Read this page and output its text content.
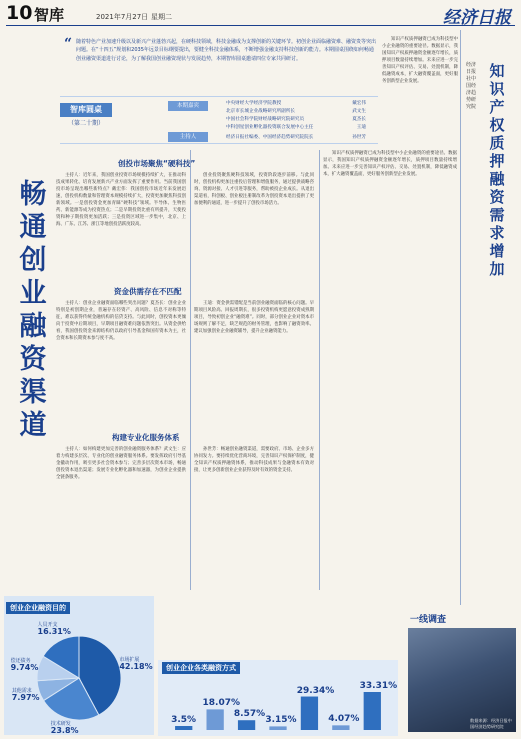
10 智库	2021年7月27日 星期二	经济日报
“ 随着特色产业加速升级以及新兴产业蓬勃兴起，在硬科技领域，科技金融成为支撑创新的关键环节。初创企业面临融资难、融资贵等突出问题。在“十四五”规划和2035年远景目标纲要提出，要健全科技金融体系，不断增强金融支持科技创新的能力。本期圆桌围绕如何畅通创业融资渠道进行讨论，为了解我国创业融资现状与发展趋势，本期智库圆桌邀请四位专家共同研讨。
智库圆桌
（第二十期）
本期嘉宾
主持人
中央财经大学经济学院教授	戴宏伟
北京市长城企业战略研究所副所长	武文生
中国社会科学院财经战略研究院研究员	夏杰长
中科创星创业孵化器投资联合发展中心主任	王迪
经济日报社编委、中国经济趋势研究院院长	孙世芳
畅通创业融资渠道
创投市场聚焦“硬科技”
资金供需存在不匹配
构建专业化服务体系

主持人：近年来，我国创业投资市场规模持续扩大，在推动科技成果转化、培育发展新兴产业方面发挥了重要作用。当前我国创投市场呈现出哪些新特点？戴宏伟：我国创投市场近年来发展迅速，创投机构数量和管理资本规模持续扩大，投资更加聚焦科技创新领域。一是创投资金更加青睐“硬科技”领域。半导体、生物医药、新能源等成为投资热点；二是早期投资比重有所提升，天使投资和种子期投资更加活跃；三是投资区域进一步集中，北京、上海、广东、江苏、浙江等地创投活跃度较高。

创业投资聚焦硬科技领域，投资阶段逐步前移。与此同时，创投机构更加注重投后管理和增值服务，通过提供战略咨询、资源对接、人才引进等服务，帮助被投企业成长。从退出渠道看，科创板、创业板注册制改革为创投资本退出提供了更加便利的通道，进一步提升了创投市场活力。

主持人：创业企业融资面临哪些突出问题？夏杰长：创业企业特别是初创期企业，普遍存在轻资产、高风险、信息不对称等特征，难以获得传统金融机构的信贷支持。与此同时，创投资本更倾向于投资中后期项目，早期项目融资难问题依然突出。从资金供给看，我国创投资金来源结构仍以政府引导基金和国有资本为主，社会资本和长期资本参与度不高。

王迪：资金供需错配是当前创业融资面临的核心问题。早期项目风险高、回报周期长，很多投资机构更愿意投资成熟期项目，导致初创企业“融资难”。同时，部分创业企业对资本市场规则了解不足，缺乏规范的财务管理，也影响了融资效率。建议加强创业企业融资辅导，提升企业融资能力。

主持人：如何构建更加完善的创业融资服务体系？武文生：应着力构建多层次、专业化的创业融资服务体系。要发挥政府引导基金撬动作用，吸引更多社会资本参与；完善多层次资本市场，畅通创投资本退出渠道；发展专业化孵化器和加速器，为创业企业提供全链条服务。

孙世芳：畅通创业融资渠道，需要政府、市场、企业多方协同发力。要持续优化营商环境，完善知识产权保护制度，健全知识产权质押融资体系，推动科技成果与金融资本有效对接，让更多创新创业企业获得及时有效的资金支持。

知识产权质押融资已成为科技型中小企业融资的重要途径。数据显示，我国知识产权质押融资金额逐年增长，质押项目数量持续增加。未来应进一步完善知识产权评估、交易、处置机制，降低融资成本，扩大融资覆盖面，更好服务创新型企业发展。

知识产权质押融资已成为科技型中小企业融资的重要途径。数据显示，我国知识产权质押融资金额逐年增长，质押项目数量持续增加。未来应进一步完善知识产权评估、交易、处置机制，降低融资成本，扩大融资覆盖面，更好服务创新型企业发展。

知识产权质押融资需求增加
经济日报社中国经济趋势研究院
创业企业融资目的
市场扩展
42.18%
技术研发
23.8%
其他需求
7.97%
偿还债务
9.74%
人员开支
16.31%
创业企业各类融资方式
3.5%
18.07%
8.57%
3.15%
29.34%
4.07%
33.31%
一线调查
数据来源：经济日报中国经济趋势研究院
